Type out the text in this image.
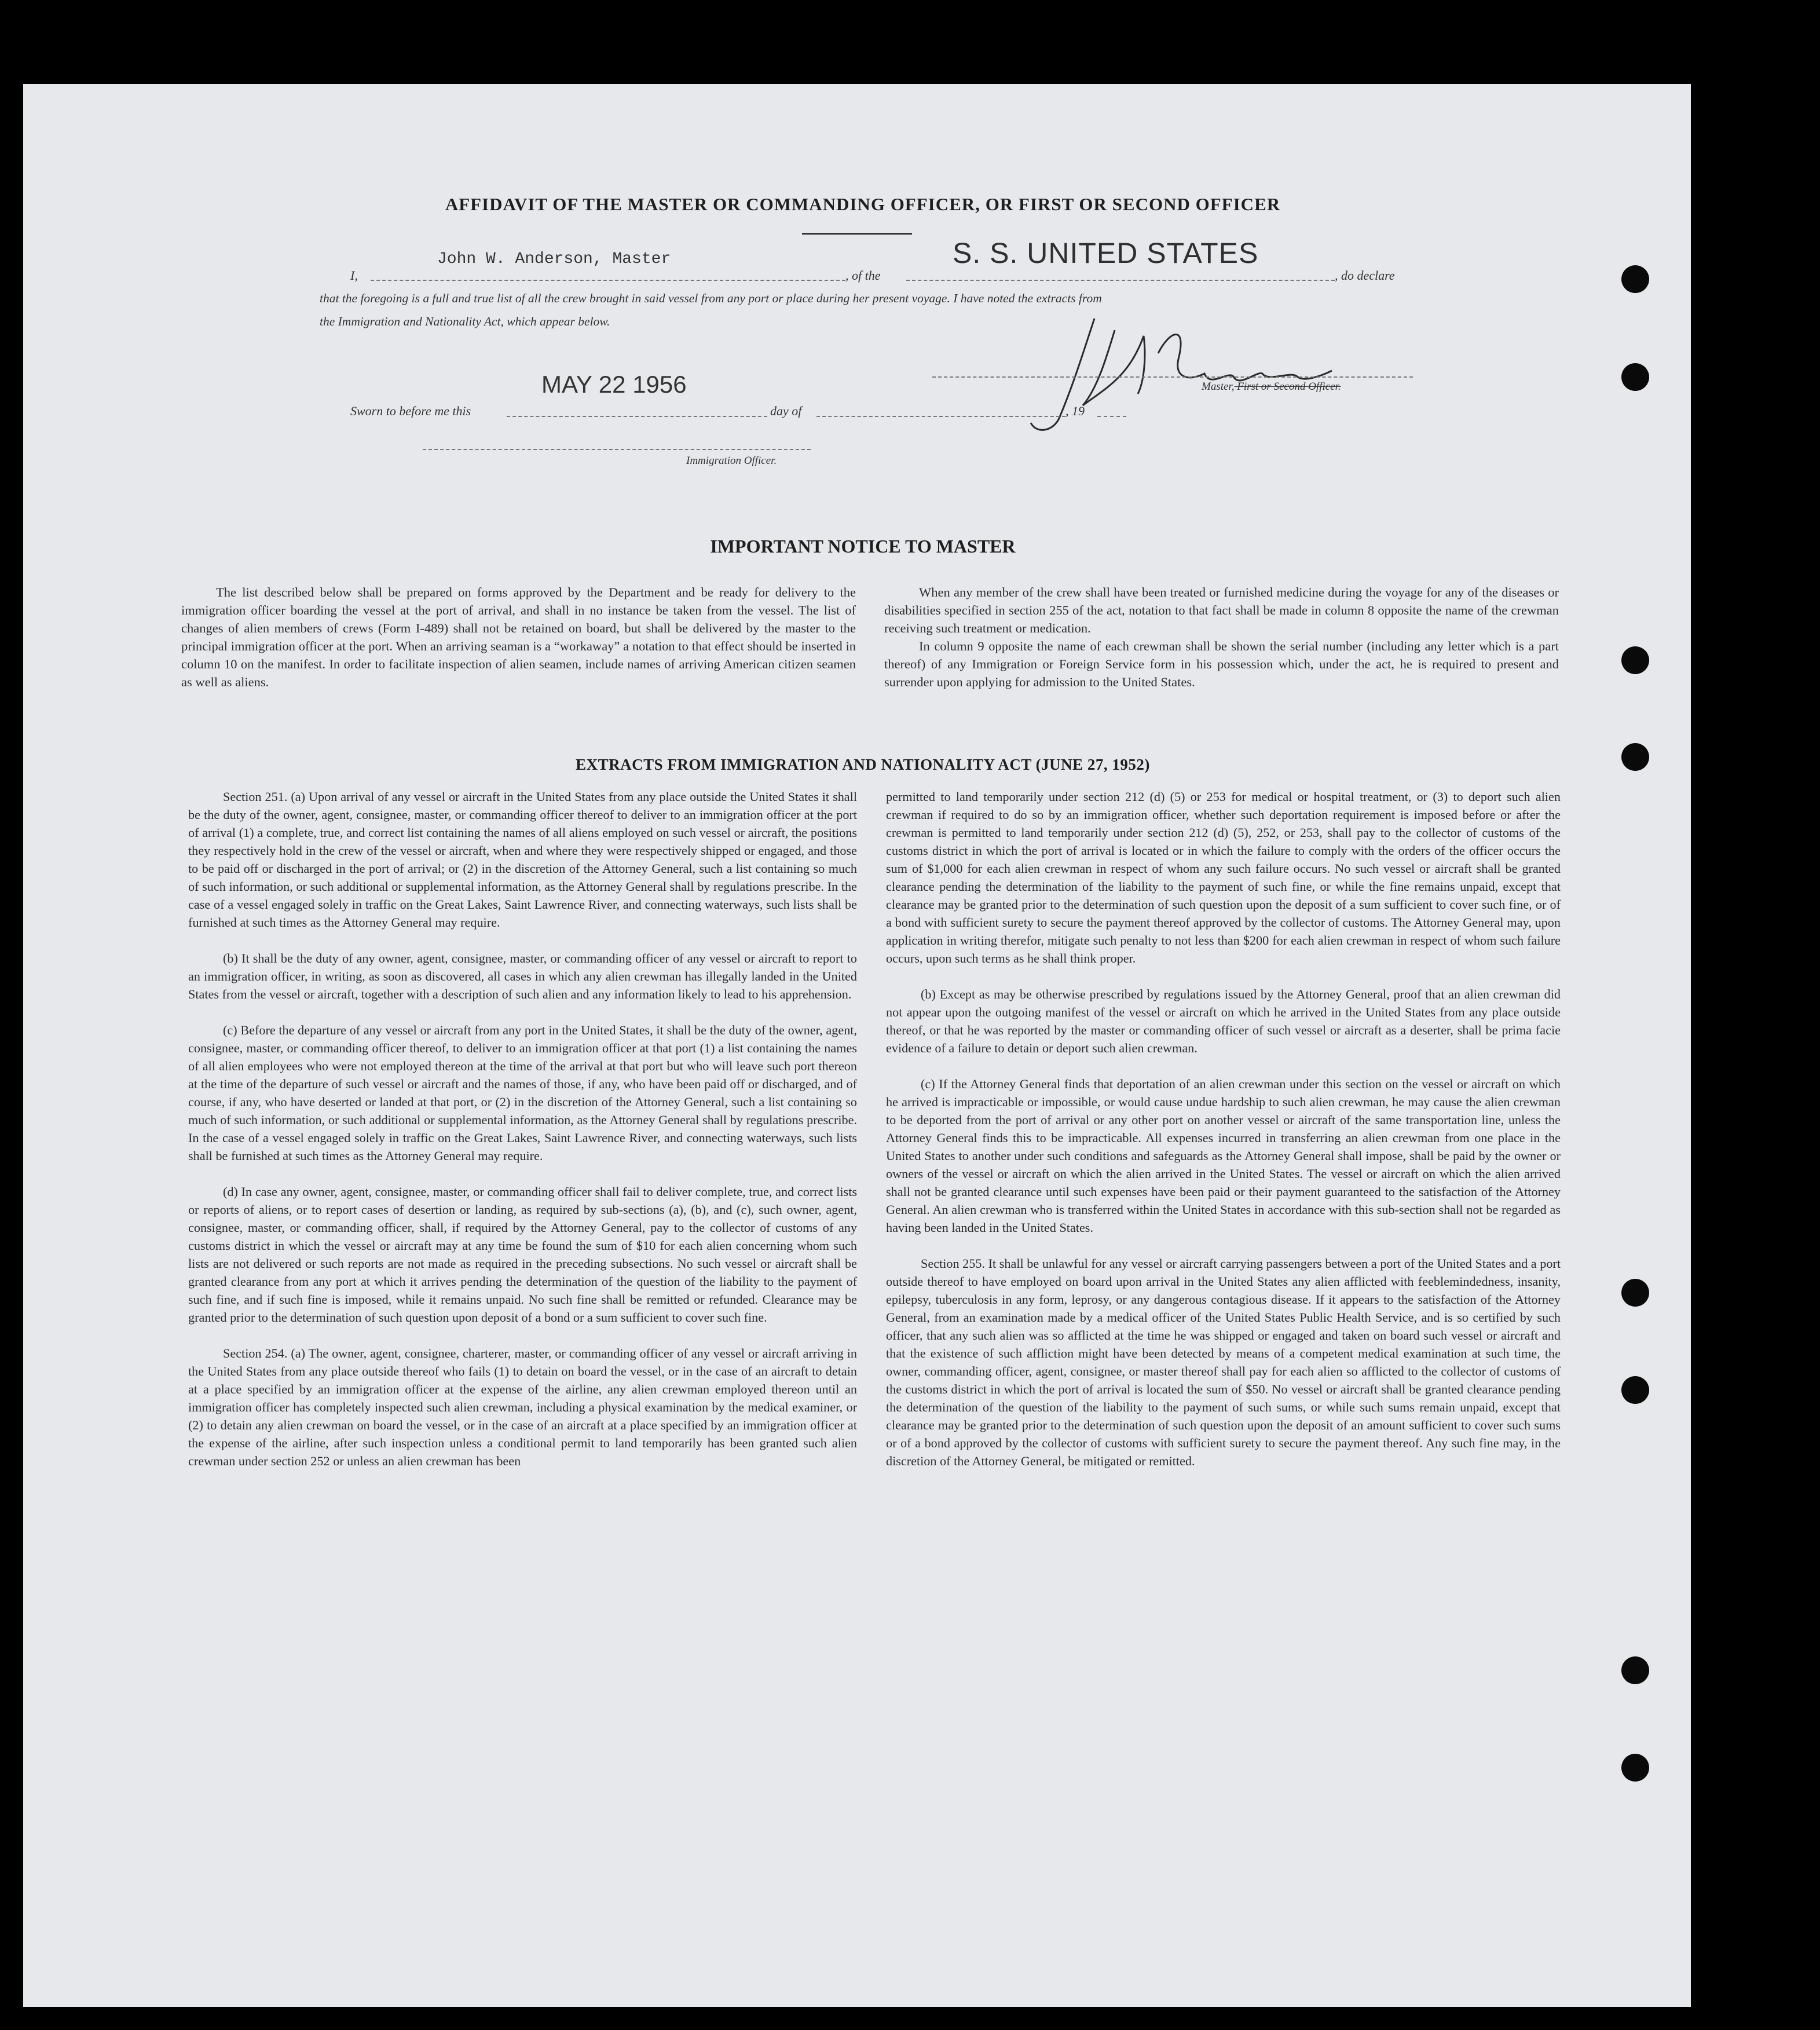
AFFIDAVIT OF THE MASTER OR COMMANDING OFFICER, OR FIRST OR SECOND OFFICER
I,
John W. Anderson, Master
, of the
S. S. UNITED STATES
, do declare
that the foregoing is a full and true list of all the crew brought in said vessel from any port or place during her present voyage. I have noted the extracts from
the Immigration and Nationality Act, which appear below.
Master, First or Second Officer.
Sworn to before me this
MAY 22 1956
day of	, 19
Immigration Officer.
IMPORTANT NOTICE TO MASTER

The list described below shall be prepared on forms approved by the Department and be ready for delivery to the immigration officer boarding the vessel at the port of arrival, and shall in no instance be taken from the vessel. The list of changes of alien members of crews (Form I-489) shall not be retained on board, but shall be delivered by the master to the principal immigration officer at the port. When an arriving seaman is a “workaway” a notation to that effect should be inserted in column 10 on the manifest. In order to facilitate inspection of alien seamen, include names of arriving American citizen seamen as well as aliens.

When any member of the crew shall have been treated or furnished medicine during the voyage for any of the diseases or disabilities specified in section 255 of the act, notation to that fact shall be made in column 8 opposite the name of the crewman receiving such treatment or medication.

In column 9 opposite the name of each crewman shall be shown the serial number (including any letter which is a part thereof) of any Immigration or Foreign Service form in his possession which, under the act, he is required to present and surrender upon applying for admission to the United States.

EXTRACTS FROM IMMIGRATION AND NATIONALITY ACT (JUNE 27, 1952)

Section 251. (a) Upon arrival of any vessel or aircraft in the United States from any place outside the United States it shall be the duty of the owner, agent, consignee, master, or commanding officer thereof to deliver to an immigration officer at the port of arrival (1) a complete, true, and correct list containing the names of all aliens employed on such vessel or aircraft, the positions they respectively hold in the crew of the vessel or aircraft, when and where they were respectively shipped or engaged, and those to be paid off or discharged in the port of arrival; or (2) in the discretion of the Attorney General, such a list containing so much of such information, or such additional or supplemental information, as the Attorney General shall by regulations prescribe. In the case of a vessel engaged solely in traffic on the Great Lakes, Saint Lawrence River, and connecting waterways, such lists shall be furnished at such times as the Attorney General may require.

(b) It shall be the duty of any owner, agent, consignee, master, or commanding officer of any vessel or aircraft to report to an immigration officer, in writing, as soon as discovered, all cases in which any alien crewman has illegally landed in the United States from the vessel or aircraft, together with a description of such alien and any information likely to lead to his apprehension.

(c) Before the departure of any vessel or aircraft from any port in the United States, it shall be the duty of the owner, agent, consignee, master, or commanding officer thereof, to deliver to an immigration officer at that port (1) a list containing the names of all alien employees who were not employed thereon at the time of the arrival at that port but who will leave such port thereon at the time of the departure of such vessel or aircraft and the names of those, if any, who have been paid off or discharged, and of course, if any, who have deserted or landed at that port, or (2) in the discretion of the Attorney General, such a list containing so much of such information, or such additional or supplemental information, as the Attorney General shall by regulations prescribe. In the case of a vessel engaged solely in traffic on the Great Lakes, Saint Lawrence River, and connecting waterways, such lists shall be furnished at such times as the Attorney General may require.

(d) In case any owner, agent, consignee, master, or commanding officer shall fail to deliver complete, true, and correct lists or reports of aliens, or to report cases of desertion or landing, as required by sub-sections (a), (b), and (c), such owner, agent, consignee, master, or commanding officer, shall, if required by the Attorney General, pay to the collector of customs of any customs district in which the vessel or aircraft may at any time be found the sum of $10 for each alien concerning whom such lists are not delivered or such reports are not made as required in the preceding subsections. No such vessel or aircraft shall be granted clearance from any port at which it arrives pending the determination of the question of the liability to the payment of such fine, and if such fine is imposed, while it remains unpaid. No such fine shall be remitted or refunded. Clearance may be granted prior to the determination of such question upon deposit of a bond or a sum sufficient to cover such fine.

Section 254. (a) The owner, agent, consignee, charterer, master, or commanding officer of any vessel or aircraft arriving in the United States from any place outside thereof who fails (1) to detain on board the vessel, or in the case of an aircraft to detain at a place specified by an immigration officer at the expense of the airline, any alien crewman employed thereon until an immigration officer has completely inspected such alien crewman, including a physical examination by the medical examiner, or (2) to detain any alien crewman on board the vessel, or in the case of an aircraft at a place specified by an immigration officer at the expense of the airline, after such inspection unless a conditional permit to land temporarily has been granted such alien crewman under section 252 or unless an alien crewman has been

permitted to land temporarily under section 212 (d) (5) or 253 for medical or hospital treatment, or (3) to deport such alien crewman if required to do so by an immigration officer, whether such deportation requirement is imposed before or after the crewman is permitted to land temporarily under section 212 (d) (5), 252, or 253, shall pay to the collector of customs of the customs district in which the port of arrival is located or in which the failure to comply with the orders of the officer occurs the sum of $1,000 for each alien crewman in respect of whom any such failure occurs. No such vessel or aircraft shall be granted clearance pending the determination of the liability to the payment of such fine, or while the fine remains unpaid, except that clearance may be granted prior to the determination of such question upon the deposit of a sum sufficient to cover such fine, or of a bond with sufficient surety to secure the payment thereof approved by the collector of customs. The Attorney General may, upon application in writing therefor, mitigate such penalty to not less than $200 for each alien crewman in respect of whom such failure occurs, upon such terms as he shall think proper.

(b) Except as may be otherwise prescribed by regulations issued by the Attorney General, proof that an alien crewman did not appear upon the outgoing manifest of the vessel or aircraft on which he arrived in the United States from any place outside thereof, or that he was reported by the master or commanding officer of such vessel or aircraft as a deserter, shall be prima facie evidence of a failure to detain or deport such alien crewman.

(c) If the Attorney General finds that deportation of an alien crewman under this section on the vessel or aircraft on which he arrived is impracticable or impossible, or would cause undue hardship to such alien crewman, he may cause the alien crewman to be deported from the port of arrival or any other port on another vessel or aircraft of the same transportation line, unless the Attorney General finds this to be impracticable. All expenses incurred in transferring an alien crewman from one place in the United States to another under such conditions and safeguards as the Attorney General shall impose, shall be paid by the owner or owners of the vessel or aircraft on which the alien arrived in the United States. The vessel or aircraft on which the alien arrived shall not be granted clearance until such expenses have been paid or their payment guaranteed to the satisfaction of the Attorney General. An alien crewman who is transferred within the United States in accordance with this sub-section shall not be regarded as having been landed in the United States.

Section 255. It shall be unlawful for any vessel or aircraft carrying passengers between a port of the United States and a port outside thereof to have employed on board upon arrival in the United States any alien afflicted with feeblemindedness, insanity, epilepsy, tuberculosis in any form, leprosy, or any dangerous contagious disease. If it appears to the satisfaction of the Attorney General, from an examination made by a medical officer of the United States Public Health Service, and is so certified by such officer, that any such alien was so afflicted at the time he was shipped or engaged and taken on board such vessel or aircraft and that the existence of such affliction might have been detected by means of a competent medical examination at such time, the owner, commanding officer, agent, consignee, or master thereof shall pay for each alien so afflicted to the collector of customs of the customs district in which the port of arrival is located the sum of $50. No vessel or aircraft shall be granted clearance pending the determination of the question of the liability to the payment of such sums, or while such sums remain unpaid, except that clearance may be granted prior to the determination of such question upon the deposit of an amount sufficient to cover such sums or of a bond approved by the collector of customs with sufficient surety to secure the payment thereof. Any such fine may, in the discretion of the Attorney General, be mitigated or remitted.
